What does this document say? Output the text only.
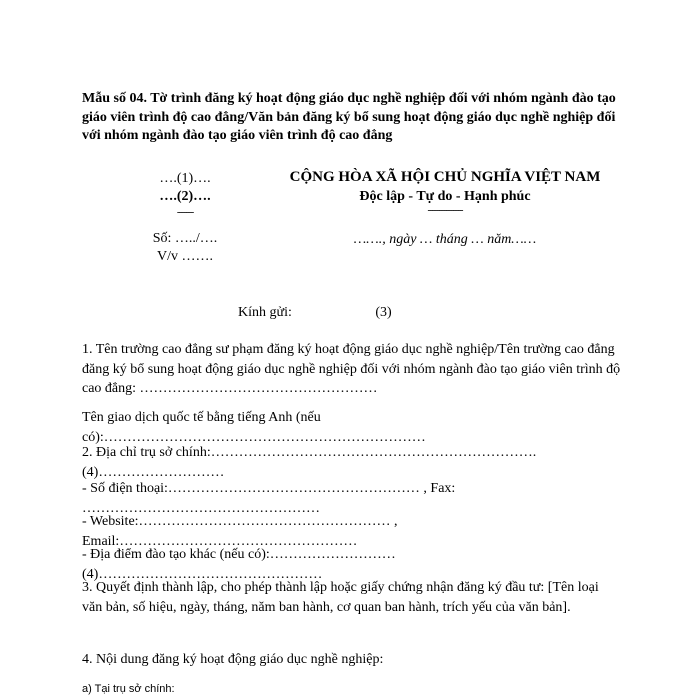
Mẫu số 04. Tờ trình đăng ký hoạt động giáo dục nghề nghiệp đối với nhóm ngành đào tạo giáo viên trình độ cao đẳng/Văn bản đăng ký bổ sung hoạt động giáo dục nghề nghiệp đối với nhóm ngành đào tạo giáo viên trình độ cao đẳng
….(1)….
….(2)….
-------
Số: …../….
V/v …….
CỘNG HÒA XÃ HỘI CHỦ NGHĨA VIỆT NAM
Độc lập - Tự do - Hạnh phúc
---------------
……., ngày … tháng … năm……
Kính gửi:	(3)
1. Tên trường cao đẳng sư phạm đăng ký hoạt động giáo dục nghề nghiệp/Tên trường cao đẳng đăng ký bổ sung hoạt động giáo dục nghề nghiệp đối với nhóm ngành đào tạo giáo viên trình độ cao đẳng: ……………………………………………
Tên giao dịch quốc tế bằng tiếng Anh (nếu có):……………………………………………………………
2. Địa chỉ trụ sở chính:……………………………………………………………. (4)………………………
- Số điện thoại:……………………………………………… , Fax: ……………………………………………
- Website:……………………………………………… , Email:……………………………………………
- Địa điểm đào tạo khác (nếu có):……………………… (4)…………………………………………
3. Quyết định thành lập, cho phép thành lập hoặc giấy chứng nhận đăng ký đầu tư: [Tên loại văn bản, số hiệu, ngày, tháng, năm ban hành, cơ quan ban hành, trích yếu của văn bản].
4. Nội dung đăng ký hoạt động giáo dục nghề nghiệp:
a) Tại trụ sở chính:
